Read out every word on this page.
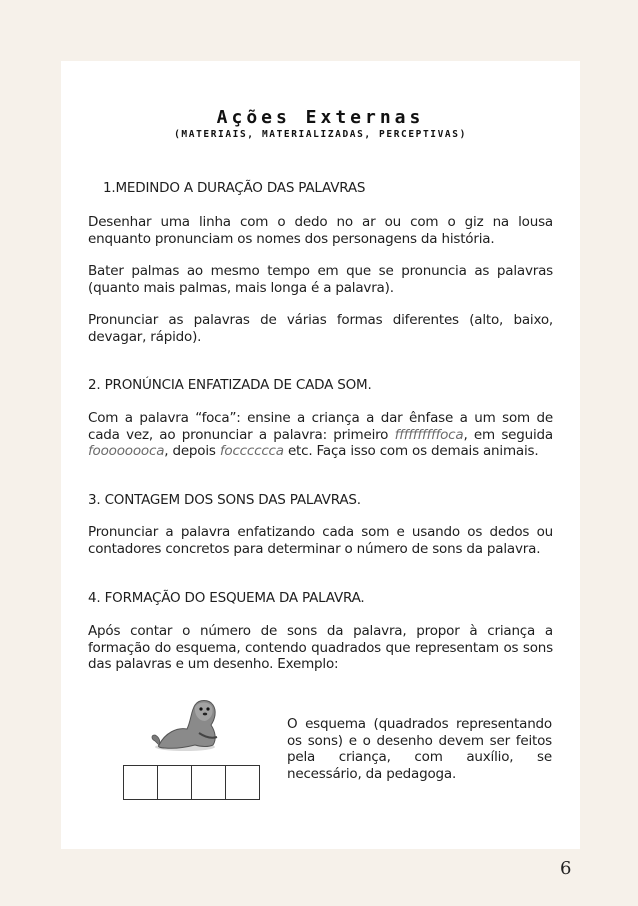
Ações Externas
(MATERIAIS, MATERIALIZADAS, PERCEPTIVAS)
1.MEDINDO A DURAÇÃO DAS PALAVRAS
Desenhar uma linha com o dedo no ar ou com o giz na lousa enquanto pronunciam os nomes dos personagens da história.
Bater palmas ao mesmo tempo em que se pronuncia as palavras (quanto mais palmas, mais longa é a palavra).
Pronunciar as palavras de várias formas diferentes (alto, baixo, devagar, rápido).
2. PRONÚNCIA ENFATIZADA DE CADA SOM.
Com a palavra “foca”: ensine a criança a dar ênfase a um som de cada vez, ao pronunciar a palavra: primeiro ffffffffffoca, em seguida foooooooca, depois focccccca etc. Faça isso com os demais animais.
3. CONTAGEM DOS SONS DAS PALAVRAS.
Pronunciar a palavra enfatizando cada som e usando os dedos ou contadores concretos para determinar o número de sons da palavra.
4. FORMAÇÃO DO ESQUEMA DA PALAVRA.
Após contar o número de sons da palavra, propor à criança a formação do esquema, contendo quadrados que representam os sons das palavras e um desenho. Exemplo:
O esquema (quadrados representando os sons) e o desenho devem ser feitos pela criança, com auxílio, se necessário, da pedagoga.
6
